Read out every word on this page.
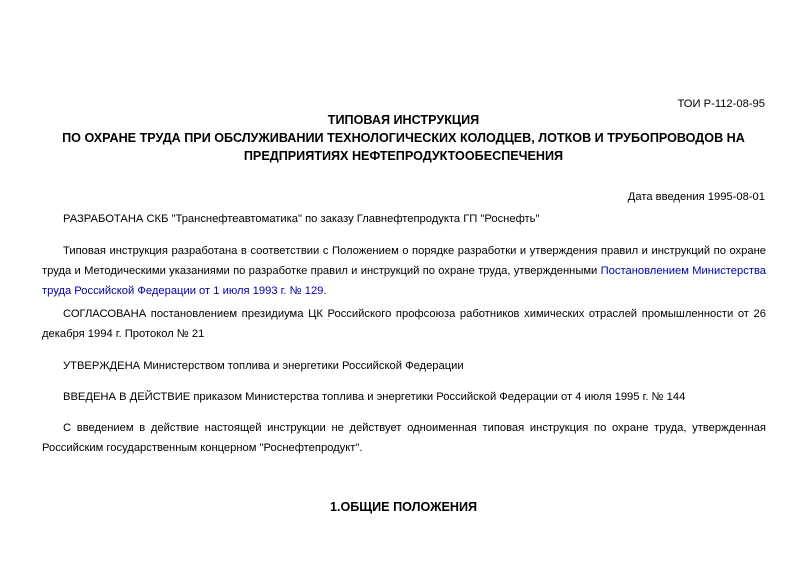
ТОИ Р-112-08-95
ТИПОВАЯ ИНСТРУКЦИЯ
ПО ОХРАНЕ ТРУДА ПРИ ОБСЛУЖИВАНИИ ТЕХНОЛОГИЧЕСКИХ КОЛОДЦЕВ, ЛОТКОВ И ТРУБОПРОВОДОВ НА
ПРЕДПРИЯТИЯХ НЕФТЕПРОДУКТООБЕСПЕЧЕНИЯ
Дата введения 1995-08-01

РАЗРАБОТАНА СКБ "Транснефтеавтоматика" по заказу Главнефтепродукта ГП "Роснефть"

Типовая инструкция разработана в соответствии с Положением о порядке разработки и утверждения правил и инструкций по охране труда и Методическими указаниями по разработке правил и инструкций по охране труда, утвержденными Постановлением Министерства труда Российской Федерации от 1 июля 1993 г. № 129.

СОГЛАСОВАНА постановлением президиума ЦК Российского профсоюза работников химических отраслей промышленности от 26 декабря 1994 г. Протокол № 21

УТВЕРЖДЕНА Министерством топлива и энергетики Российской Федерации

ВВЕДЕНА В ДЕЙСТВИЕ приказом Министерства топлива и энергетики Российской Федерации от 4 июля 1995 г. № 144

С введением в действие настоящей инструкции не действует одноименная типовая инструкция по охране труда, утвержденная Российским государственным концерном "Роснефтепродукт".

1.ОБЩИЕ ПОЛОЖЕНИЯ
